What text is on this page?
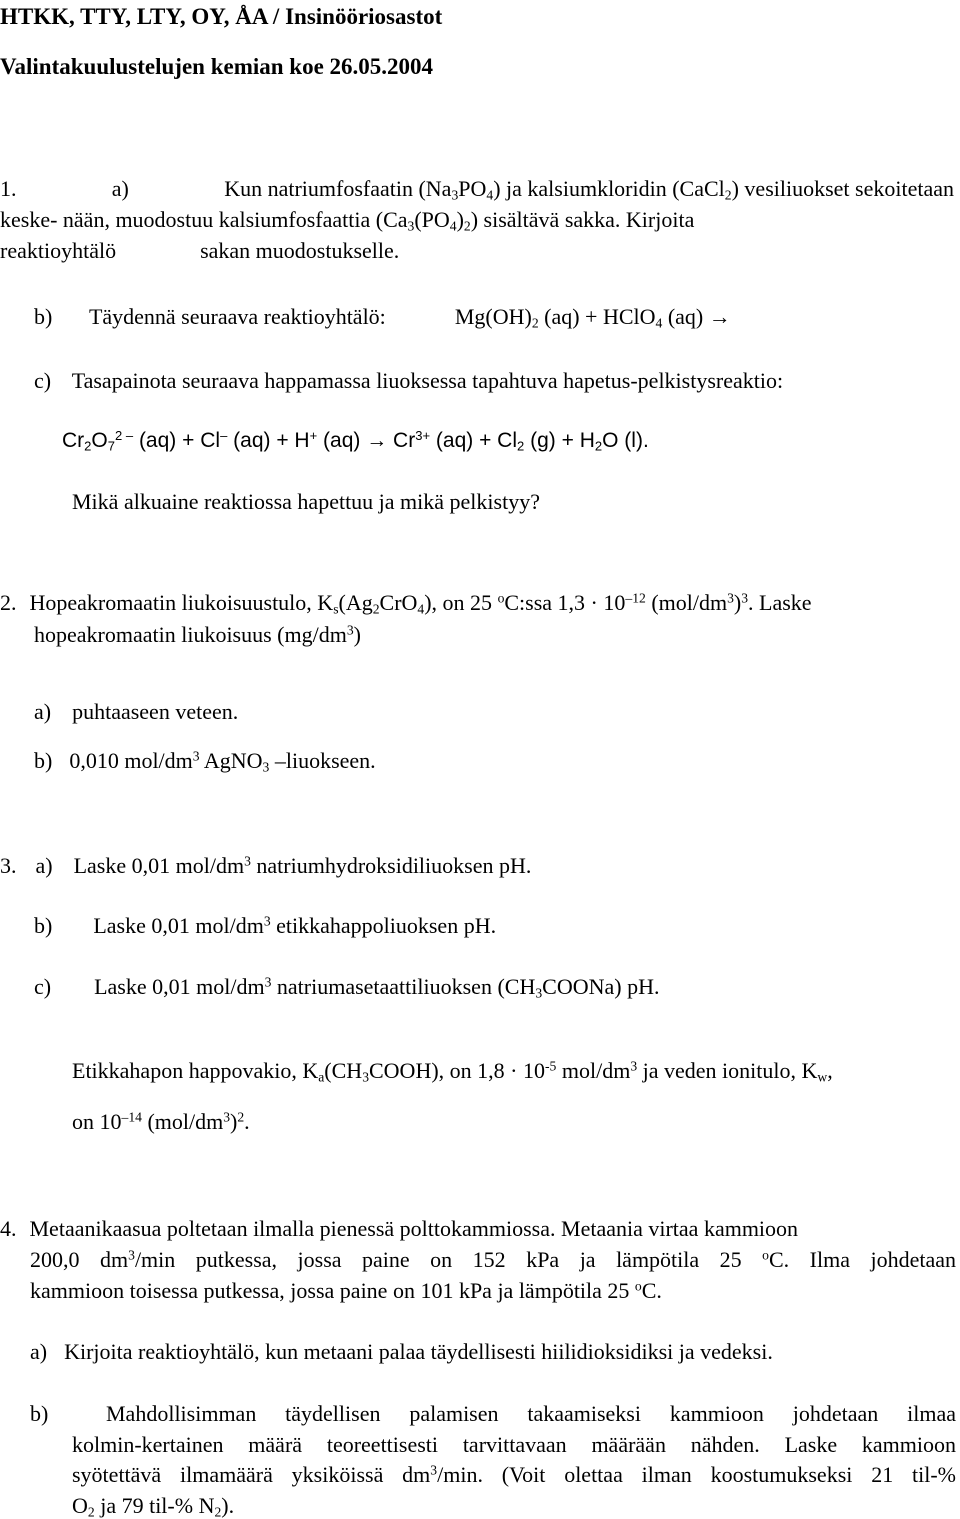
HTKK, TTY, LTY, OY, ÅA / Insinööriosastot
Valintakuulustelujen kemian koe 26.05.2004
1.	a)	Kun natriumfosfaatin $(Na_3PO_4)$ ja kalsiumkloridin (CaCl$_2$) vesiliuokset sekoitetaan
keske- nään, muodostuu kalsiumfosfaattia $(Ca_3(PO_4)_2)$ sisältävä sakka. Kirjoita
reaktioyhtälö	sakan muodostukselle.
b) Täydennä seuraava reaktioyhtälö:	$Mg(OH)_2$ (aq) + HClO$_4$ (aq) →
c) Tasapainota seuraava happamassa liuoksessa tapahtuva hapetus-pelkistysreaktio:
$Cr_2O_7^{2 -}$ (aq) + Cl– (aq) + H+ $(aq) \to Cr^{3+}$ $(aq) + Cl_2$ $(g) + H_2O$ (l).
Mikä alkuaine reaktiossa hapettuu ja mikä pelkistyy?
2. Hopeakromaatin liukoisuustulo, $K_s(Ag_2CrO_4)$, on 25 $^o$C:ssa $1,3 \cdot 10^{-12}$ $(mol/dm^3)^3$. Laske
hopeakromaatin liukoisuus $(mg/dm^3)$
a) puhtaaseen veteen.
b) 0,010 mol/$dm^3$ AgNO$_3$ –liuokseen.
3. a) Laske 0,01 mol/$dm^3$ natriumhydroksidiliuoksen pH.
b) Laske 0,01 mol/$dm^3$ etikkahappoliuoksen pH.
c) Laske 0,01 mol/$dm^3$ natriumasetaattiliuoksen $(CH_3COONa)$ pH.
Etikkahapon happovakio, $K_a(CH_3COOH)$, on $1,8 \cdot 10^{-5}$ mol/$dm^3$ ja veden ionitulo, $K_w$,
on $10^{-14}$ $(mol/dm^3)^2$.
4. Metaanikaasua poltetaan ilmalla pienessä polttokammiossa. Metaania virtaa kammioon
200,0 $dm^3/\min$ putkessa, jossa paine on 152 kPa ja lämpötila 25 $^o$C. Ilma johdetaan
kammioon toisessa putkessa, jossa paine on 101 kPa ja lämpötila 25 $^o$C.
a) Kirjoita reaktioyhtälö, kun metaani palaa täydellisesti hiilidioksidiksi ja vedeksi.
b)	Mahdollisimman täydellisen palamisen takaamiseksi kammioon johdetaan ilmaa
kolmin-kertainen määrä teoreettisesti tarvittavaan määrään nähden. Laske kammioon
syötettävä ilmamäärä yksiköissä $dm^3/\min$. (Voit olettaa ilman koostumukseksi 21 til-%
$O_2$ ja 79 til-% $N_2$).
